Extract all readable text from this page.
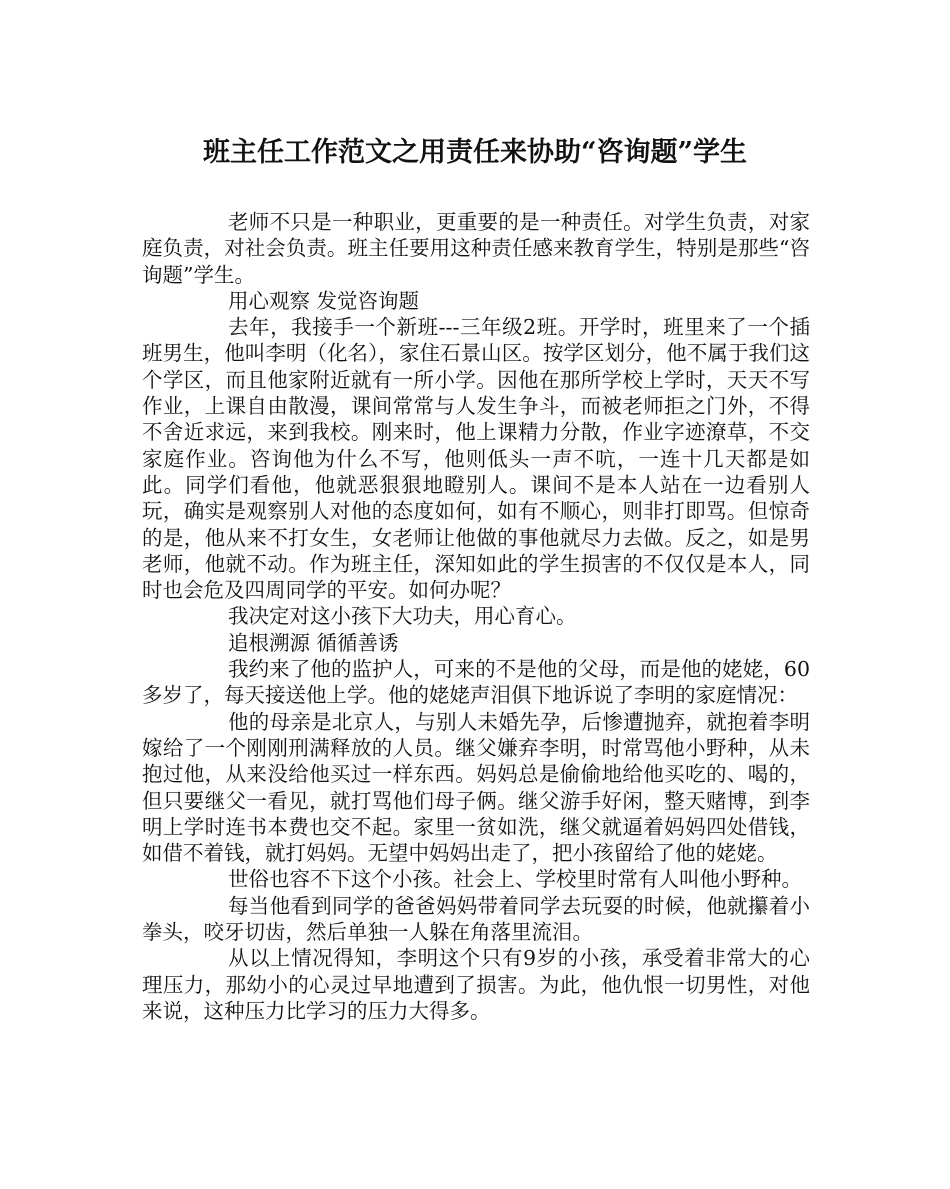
班主任工作范文之用责任来协助“咨询题”学生

老师不只是一种职业，更重要的是一种责任。对学生负责，对家庭负责，对社会负责。班主任要用这种责任感来教育学生，特别是那些“咨询题”学生。

用心观察 发觉咨询题

去年，我接手一个新班---三年级2班。开学时，班里来了一个插班男生，他叫李明（化名），家住石景山区。按学区划分，他不属于我们这个学区，而且他家附近就有一所小学。因他在那所学校上学时，天天不写作业，上课自由散漫，课间常常与人发生争斗，而被老师拒之门外，不得不舍近求远，来到我校。刚来时，他上课精力分散，作业字迹潦草，不交家庭作业。咨询他为什么不写，他则低头一声不吭，一连十几天都是如此。同学们看他，他就恶狠狠地瞪别人。课间不是本人站在一边看别人玩，确实是观察别人对他的态度如何，如有不顺心，则非打即骂。但惊奇的是，他从来不打女生，女老师让他做的事他就尽力去做。反之，如是男老师，他就不动。作为班主任，深知如此的学生损害的不仅仅是本人，同时也会危及四周同学的平安。如何办呢？

我决定对这小孩下大功夫，用心育心。

追根溯源 循循善诱

我约来了他的监护人，可来的不是他的父母，而是他的姥姥，60多岁了，每天接送他上学。他的姥姥声泪俱下地诉说了李明的家庭情况：

他的母亲是北京人，与别人未婚先孕，后惨遭抛弃，就抱着李明嫁给了一个刚刚刑满释放的人员。继父嫌弃李明，时常骂他小野种，从未抱过他，从来没给他买过一样东西。妈妈总是偷偷地给他买吃的、喝的，但只要继父一看见，就打骂他们母子俩。继父游手好闲，整天赌博，到李明上学时连书本费也交不起。家里一贫如洗，继父就逼着妈妈四处借钱，如借不着钱，就打妈妈。无望中妈妈出走了，把小孩留给了他的姥姥。

世俗也容不下这个小孩。社会上、学校里时常有人叫他小野种。

每当他看到同学的爸爸妈妈带着同学去玩耍的时候，他就攥着小拳头，咬牙切齿，然后单独一人躲在角落里流泪。

从以上情况得知，李明这个只有9岁的小孩，承受着非常大的心理压力，那幼小的心灵过早地遭到了损害。为此，他仇恨一切男性，对他来说，这种压力比学习的压力大得多。
